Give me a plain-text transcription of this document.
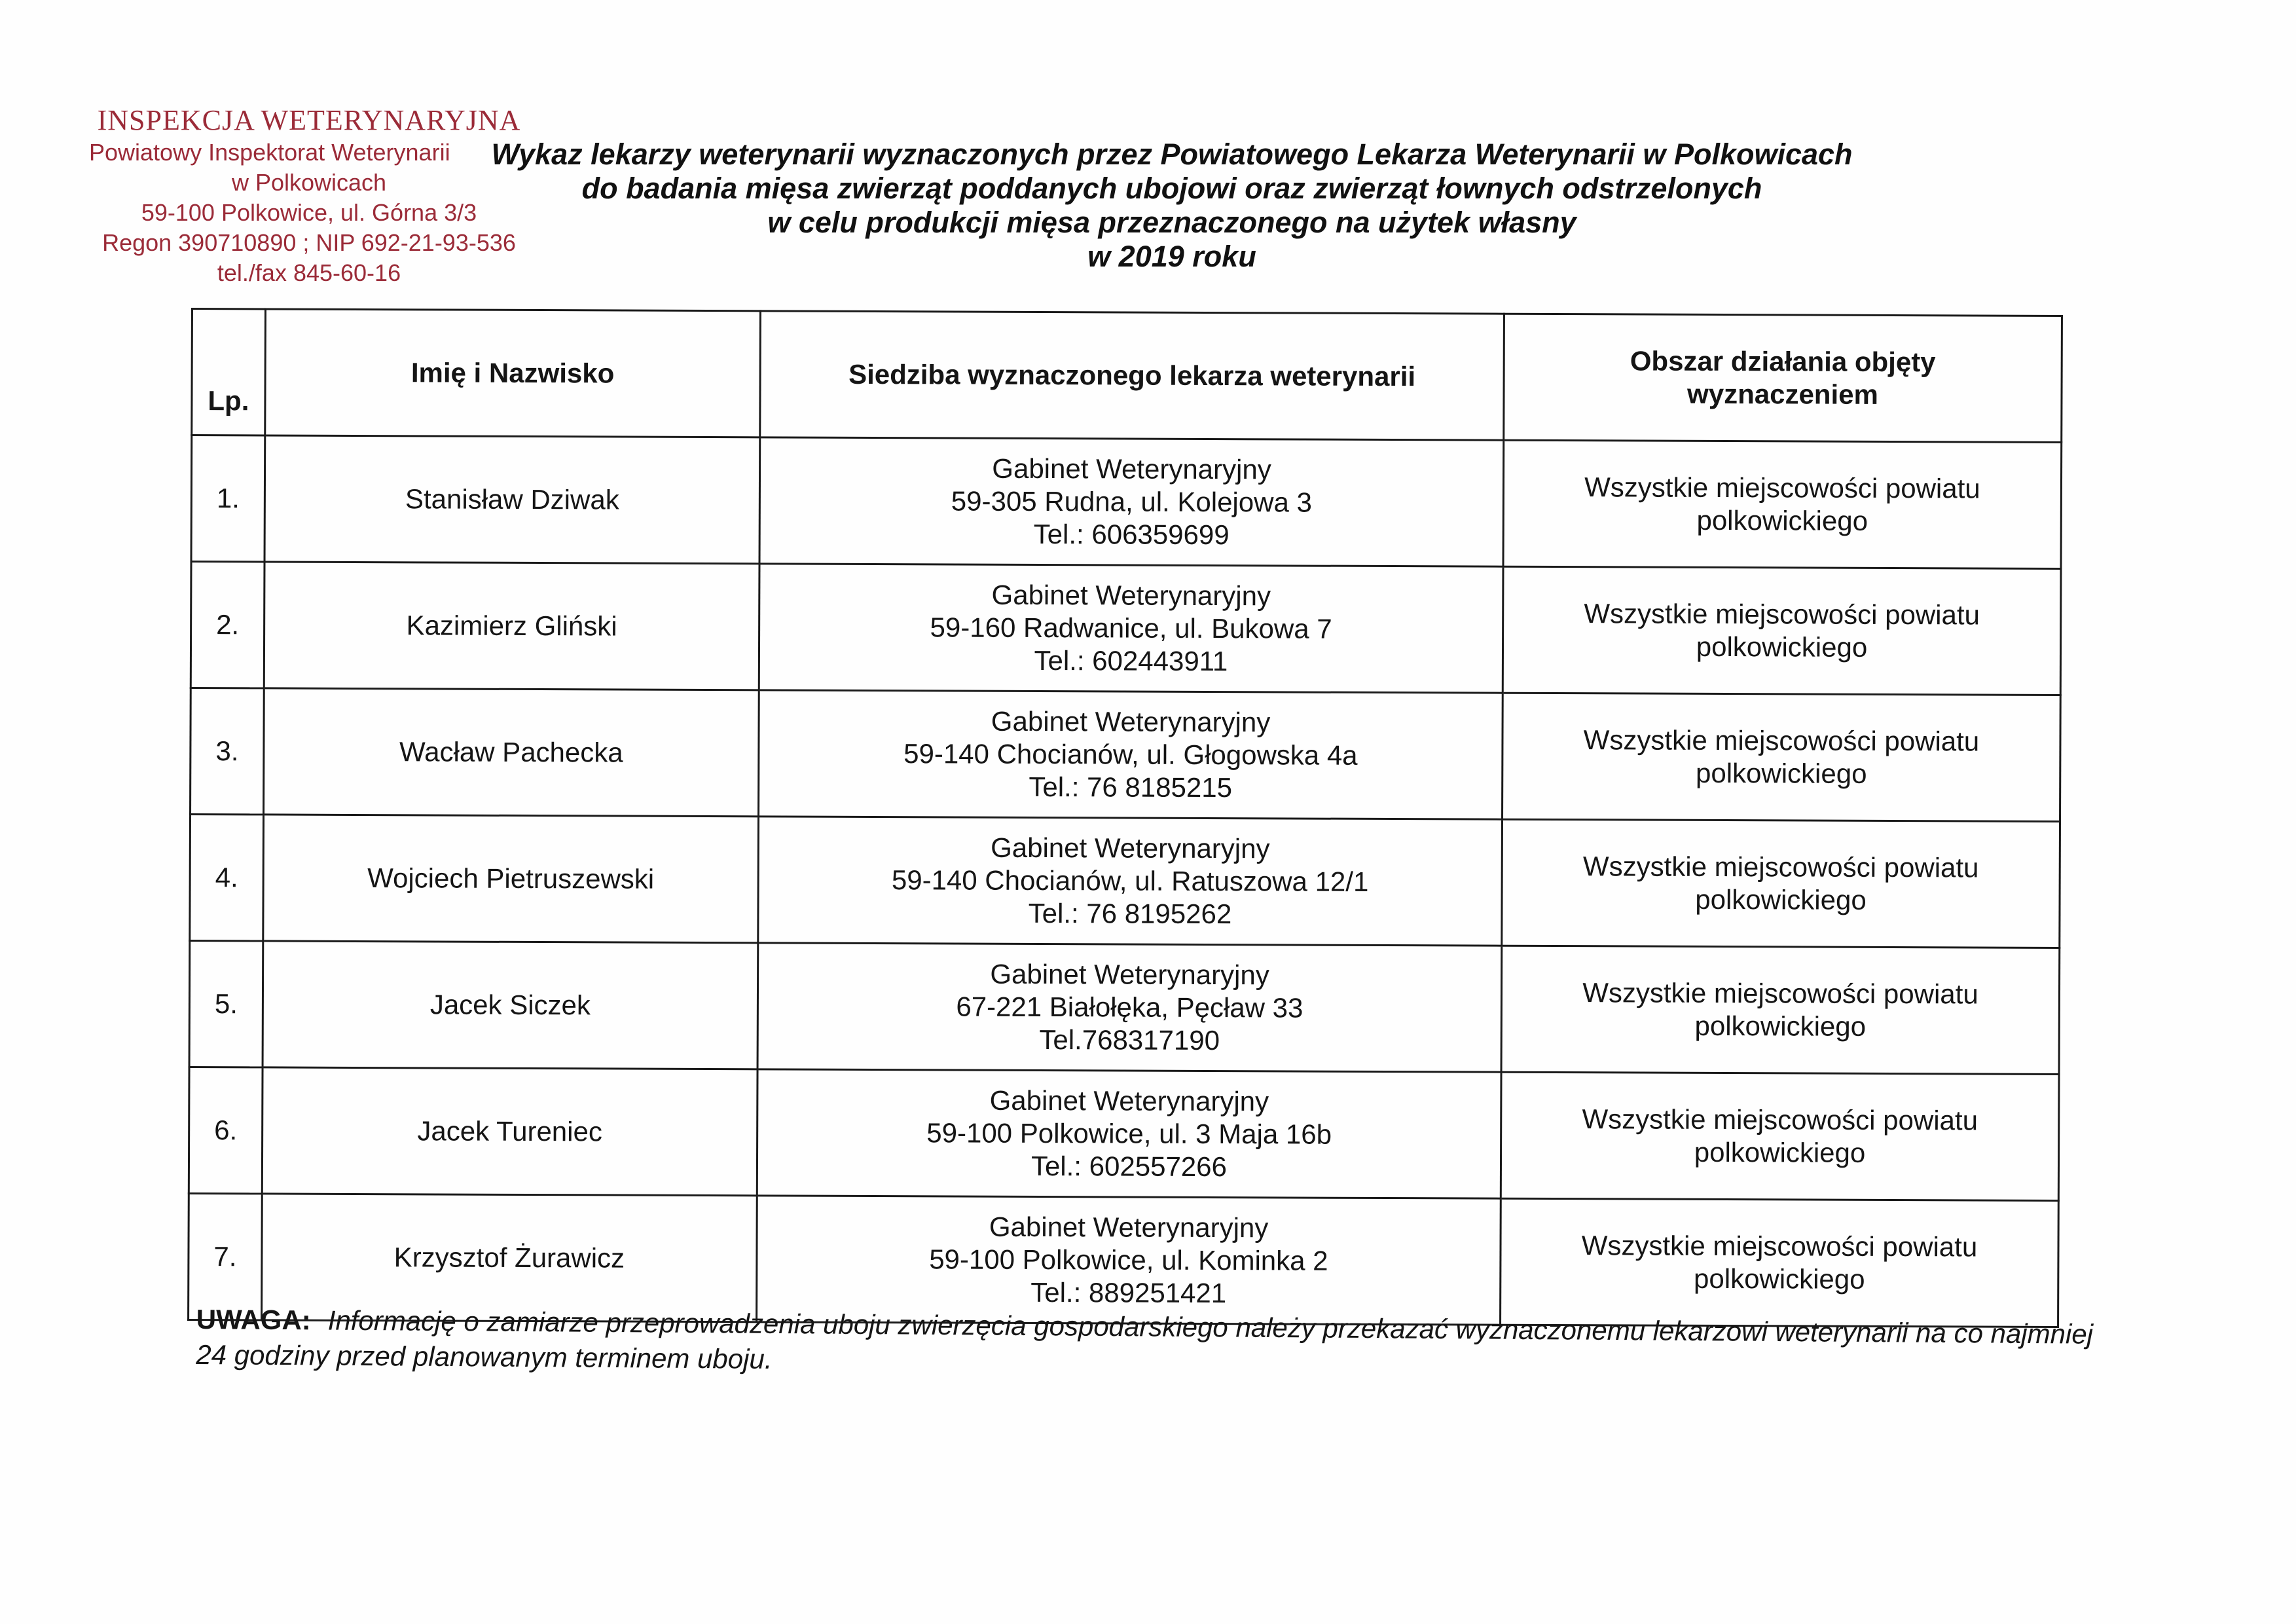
INSPEKCJA WETERYNARYJNA
Powiatowy Inspektorat Weterynarii
w Polkowicach
59-100 Polkowice, ul. Górna 3/3
Regon 390710890 ; NIP 692-21-93-536
tel./fax 845-60-16
Wykaz lekarzy weterynarii wyznaczonych przez Powiatowego Lekarza Weterynarii w Polkowicach
do badania mięsa zwierząt poddanych ubojowi oraz zwierząt łownych odstrzelonych
w celu produkcji mięsa przeznaczonego na użytek własny
w 2019 roku
Lp.	Imię i Nazwisko	Siedziba wyznaczonego lekarza weterynarii	Obszar działania objęty
wyznaczeniem

1.	Stanisław Dziwak	Gabinet Weterynaryjny
59-305 Rudna, ul. Kolejowa 3
Tel.: 606359699	Wszystkie miejscowości powiatu
polkowickiego

2.	Kazimierz Gliński	Gabinet Weterynaryjny
59-160 Radwanice, ul. Bukowa 7
Tel.: 602443911	Wszystkie miejscowości powiatu
polkowickiego

3.	Wacław Pachecka	Gabinet Weterynaryjny
59-140 Chocianów, ul. Głogowska 4a
Tel.: 76 8185215	Wszystkie miejscowości powiatu
polkowickiego

4.	Wojciech Pietruszewski	Gabinet Weterynaryjny
59-140 Chocianów, ul. Ratuszowa 12/1
Tel.: 76 8195262	Wszystkie miejscowości powiatu
polkowickiego

5.	Jacek Siczek	Gabinet Weterynaryjny
67-221 Białołęka, Pęcław 33
Tel.768317190	Wszystkie miejscowości powiatu
polkowickiego

6.	Jacek Tureniec	Gabinet Weterynaryjny
59-100 Polkowice, ul. 3 Maja 16b
Tel.: 602557266	Wszystkie miejscowości powiatu
polkowickiego

7.	Krzysztof Żurawicz	Gabinet Weterynaryjny
59-100 Polkowice, ul. Kominka 2
Tel.: 889251421	Wszystkie miejscowości powiatu
polkowickiego
UWAGA: Informację o zamiarze przeprowadzenia uboju zwierzęcia gospodarskiego należy przekazać wyznaczonemu lekarzowi weterynarii na co najmniej 24 godziny przed planowanym terminem uboju.
